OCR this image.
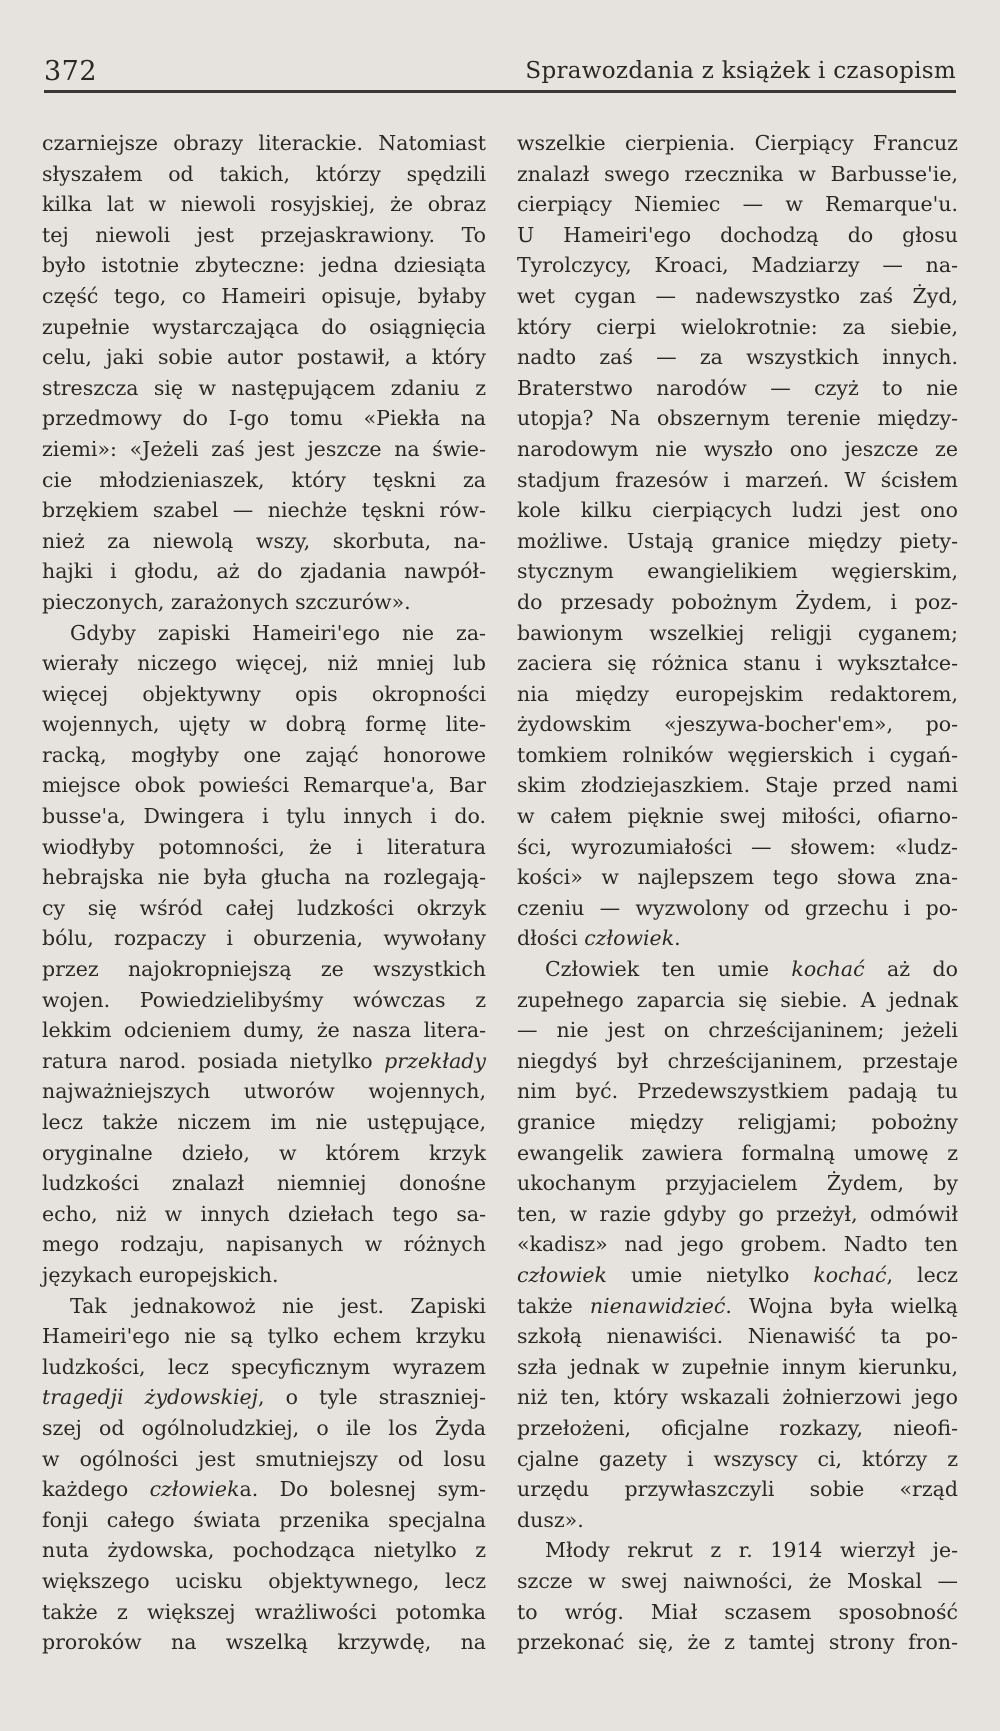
372	Sprawozdania z książek i czasopism
czarniejsze obrazy literackie. Natomiast
słyszałem od takich, którzy spędzili
kilka lat w niewoli rosyjskiej, że obraz
tej niewoli jest przejaskrawiony. To
było istotnie zbyteczne: jedna dziesiąta
część tego, co Hameiri opisuje, byłaby
zupełnie wystarczająca do osiągnięcia
celu, jaki sobie autor postawił, a który
streszcza się w następującem zdaniu z
przedmowy do I-go tomu «Piekła na
ziemi»: «Jeżeli zaś jest jeszcze na świe-
cie młodzieniaszek, który tęskni za
brzękiem szabel — niechże tęskni rów-
nież za niewolą wszy, skorbuta, na-
hajki i głodu, aż do zjadania nawpół-
pieczonych, zarażonych szczurów».
Gdyby zapiski Hameiri'ego nie za-
wierały niczego więcej, niż mniej lub
więcej objektywny opis okropności
wojennych, ujęty w dobrą formę lite-
racką, mogłyby one zająć honorowe
miejsce obok powieści Remarque'a, Bar
busse'a, Dwingera i tylu innych i do.
wiodłyby potomności, że i literatura
hebrajska nie była głucha na rozlegają-
cy się wśród całej ludzkości okrzyk
bólu, rozpaczy i oburzenia, wywołany
przez najokropniejszą ze wszystkich
wojen. Powiedzielibyśmy wówczas z
lekkim odcieniem dumy, że nasza litera-
ratura narod. posiada nietylko przekłady
najważniejszych utworów wojennych,
lecz także niczem im nie ustępujące,
oryginalne dzieło, w którem krzyk
ludzkości znalazł niemniej donośne
echo, niż w innych dziełach tego sa-
mego rodzaju, napisanych w różnych
językach europejskich.
Tak jednakowoż nie jest. Zapiski
Hameiri'ego nie są tylko echem krzyku
ludzkości, lecz specyficznym wyrazem
tragedji żydowskiej, o tyle straszniej-
szej od ogólnoludzkiej, o ile los Żyda
w ogólności jest smutniejszy od losu
każdego człowieka. Do bolesnej sym-
fonji całego świata przenika specjalna
nuta żydowska, pochodząca nietylko z
większego ucisku objektywnego, lecz
także z większej wrażliwości potomka
proroków na wszelką krzywdę, na
wszelkie cierpienia. Cierpiący Francuz
znalazł swego rzecznika w Barbusse'ie,
cierpiący Niemiec — w Remarque'u.
U Hameiri'ego dochodzą do głosu
Tyrolczycy, Kroaci, Madziarzy — na-
wet cygan — nadewszystko zaś Żyd,
który cierpi wielokrotnie: za siebie,
nadto zaś — za wszystkich innych.
Braterstwo narodów — czyż to nie
utopja? Na obszernym terenie między-
narodowym nie wyszło ono jeszcze ze
stadjum frazesów i marzeń. W ścisłem
kole kilku cierpiących ludzi jest ono
możliwe. Ustają granice między piety-
stycznym ewangielikiem węgierskim,
do przesady pobożnym Żydem, i poz-
bawionym wszelkiej religji cyganem;
zaciera się różnica stanu i wykształce-
nia między europejskim redaktorem,
żydowskim «jeszywa-bocher'em», po-
tomkiem rolników węgierskich i cygań-
skim złodziejaszkiem. Staje przed nami
w całem pięknie swej miłości, ofiarno-
ści, wyrozumiałości — słowem: «ludz-
kości» w najlepszem tego słowa zna-
czeniu — wyzwolony od grzechu i po-
dłości człowiek.
Człowiek ten umie kochać aż do
zupełnego zaparcia się siebie. A jednak
— nie jest on chrześcijaninem; jeżeli
niegdyś był chrześcijaninem, przestaje
nim być. Przedewszystkiem padają tu
granice między religjami; pobożny
ewangelik zawiera formalną umowę z
ukochanym przyjacielem Żydem, by
ten, w razie gdyby go przeżył, odmówił
«kadisz» nad jego grobem. Nadto ten
człowiek umie nietylko kochać, lecz
także nienawidzieć. Wojna była wielką
szkołą nienawiści. Nienawiść ta po-
szła jednak w zupełnie innym kierunku,
niż ten, który wskazali żołnierzowi jego
przełożeni, oficjalne rozkazy, nieofi-
cjalne gazety i wszyscy ci, którzy z
urzędu przywłaszczyli sobie «rząd
dusz».
Młody rekrut z r. 1914 wierzył je-
szcze w swej naiwności, że Moskal —
to wróg. Miał sczasem sposobność
przekonać się, że z tamtej strony fron-
